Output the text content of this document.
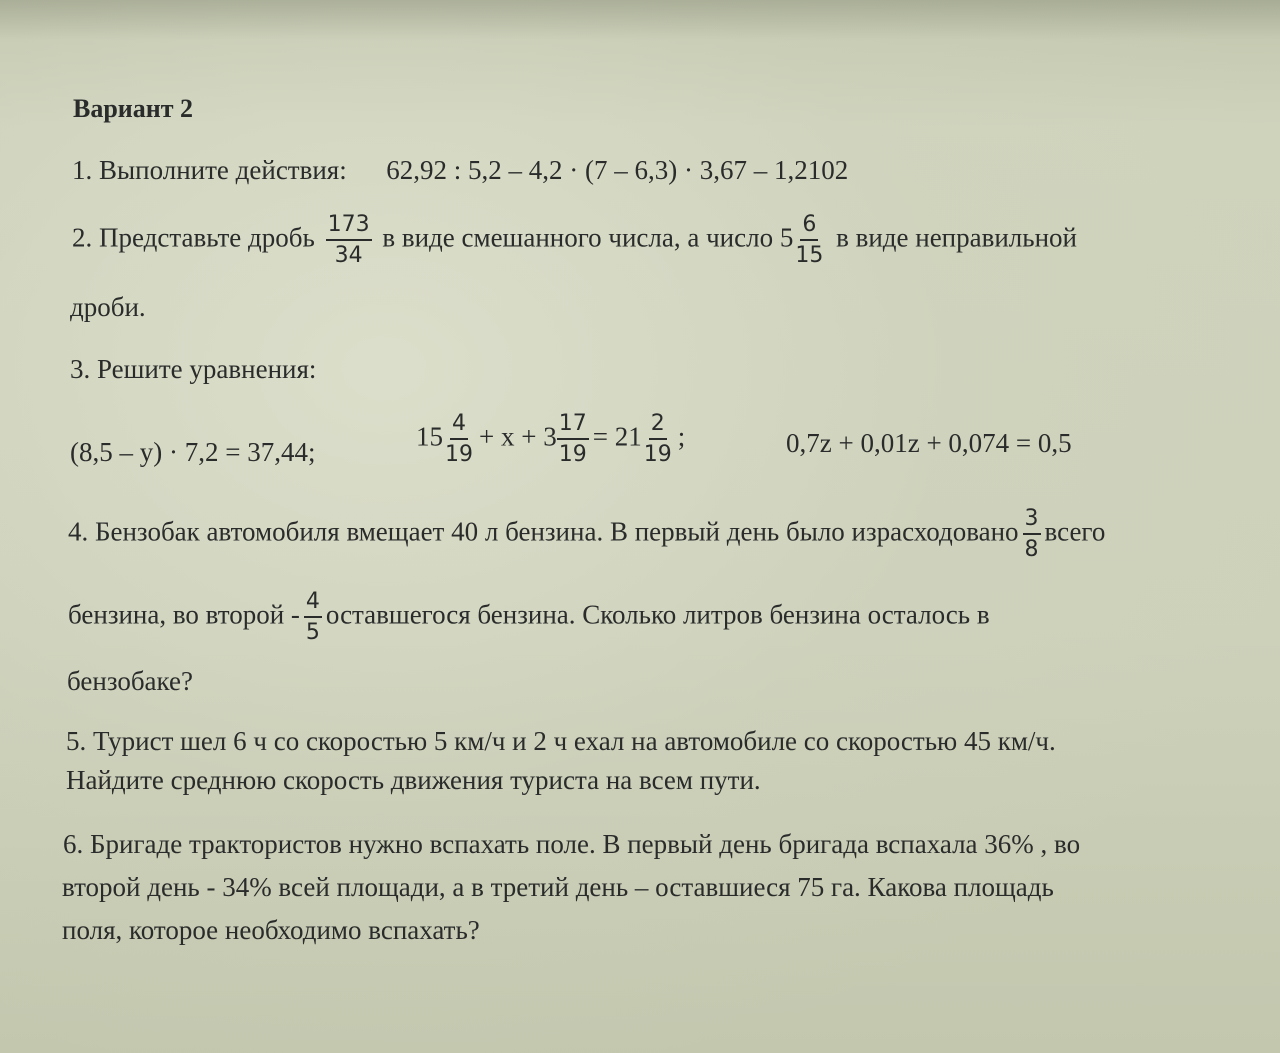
Вариант 2
1. Выполните действия: 62,92 : 5,2 – 4,2 · (7 – 6,3) · 3,67 – 1,2102
2. Представьте дробь $\frac{173}{34}$ в виде смешанного числа, а число $5 \frac{6}{15}$ в виде неправильной
дроби.
3. Решите уравнения:
(8,5 – у) · 7,2 = 37,44;
$15 \frac{4}{19} + х + 3 \frac{17}{19} = 21 \frac{2}{19}$ ;	0,7z + 0,01z + 0,074 = 0,5
4. Бензобак автомобиля вмещает 40 л бензина. В первый день было израсходовано $\frac{3}{8}$ всего
бензина, во второй - $\frac{4}{5}$ оставшегося бензина. Сколько литров бензина осталось в
бензобаке?
5. Турист шел 6 ч со скоростью 5 км/ч и 2 ч ехал на автомобиле со скоростью 45 км/ч.
Найдите среднюю скорость движения туриста на всем пути.
6. Бригаде трактористов нужно вспахать поле. В первый день бригада вспахала 36% , во
второй день - 34% всей площади, а в третий день – оставшиеся 75 га. Какова площадь
поля, которое необходимо вспахать?
